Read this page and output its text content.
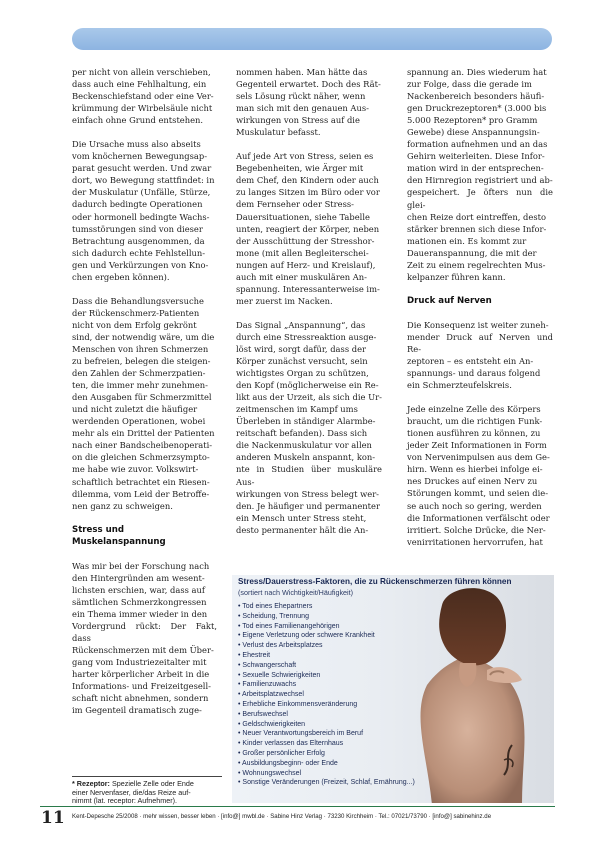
per nicht von allein verschieben,
dass auch eine Fehlhaltung, ein
Beckenschiefstand oder eine Ver-
krümmung der Wirbelsäule nicht
einfach ohne Grund entstehen.

Die Ursache muss also abseits
vom knöchernen Bewegungsap-
parat gesucht werden. Und zwar
dort, wo Bewegung stattfindet: in
der Muskulatur (Unfälle, Stürze,
dadurch bedingte Operationen
oder hormonell bedingte Wachs-
tumsstörungen sind von dieser
Betrachtung ausgenommen, da
sich dadurch echte Fehlstellun-
gen und Verkürzungen von Kno-
chen ergeben können).

Dass die Behandlungsversuche
der Rückenschmerz-Patienten
nicht von dem Erfolg gekrönt
sind, der notwendig wäre, um die
Menschen von ihren Schmerzen
zu befreien, belegen die steigen-
den Zahlen der Schmerzpatien-
ten, die immer mehr zunehmen-
den Ausgaben für Schmerzmittel
und nicht zuletzt die häufiger
werdenden Operationen, wobei
mehr als ein Drittel der Patienten
nach einer Bandscheibenoperati-
on die gleichen Schmerzsympto-
me habe wie zuvor. Volkswirt-
schaftlich betrachtet ein Riesen-
dilemma, vom Leid der Betroffe-
nen ganz zu schweigen.

Stress und
Muskelanspannung

Was mir bei der Forschung nach
den Hintergründen am wesent-
lichsten erschien, war, dass auf
sämtlichen Schmerzkongressen
ein Thema immer wieder in den
Vordergrund rückt: Der Fakt, dass
Rückenschmerzen mit dem Über-
gang vom Industriezeitalter mit
harter körperlicher Arbeit in die
Informations- und Freizeitgesell-
schaft nicht abnehmen, sondern
im Gegenteil dramatisch zuge-

nommen haben. Man hätte das
Gegenteil erwartet. Doch des Rät-
sels Lösung rückt näher, wenn
man sich mit den genauen Aus-
wirkungen von Stress auf die
Muskulatur befasst.

Auf jede Art von Stress, seien es
Begebenheiten, wie Ärger mit
dem Chef, den Kindern oder auch
zu langes Sitzen im Büro oder vor
dem Fernseher oder Stress-
Dauersituationen, siehe Tabelle
unten, reagiert der Körper, neben
der Ausschüttung der Stresshor-
mone (mit allen Begleiterschei-
nungen auf Herz- und Kreislauf),
auch mit einer muskulären An-
spannung. Interessanterweise im-
mer zuerst im Nacken.

Das Signal „Anspannung“, das
durch eine Stressreaktion ausge-
löst wird, sorgt dafür, dass der
Körper zunächst versucht, sein
wichtigstes Organ zu schützen,
den Kopf (möglicherweise ein Re-
likt aus der Urzeit, als sich die Ur-
zeitmenschen im Kampf ums
Überleben in ständiger Alarmbe-
reitschaft befanden). Dass sich
die Nackenmuskulatur vor allen
anderen Muskeln anspannt, kon-
nte in Studien über muskuläre Aus-
wirkungen von Stress belegt wer-
den. Je häufiger und permanenter
ein Mensch unter Stress steht,
desto permanenter hält die An-

spannung an. Dies wiederum hat
zur Folge, dass die gerade im
Nackenbereich besonders häufi-
gen Druckrezeptoren* (3.000 bis
5.000 Rezeptoren* pro Gramm
Gewebe) diese Anspannungsin-
formation aufnehmen und an das
Gehirn weiterleiten. Diese Infor-
mation wird in der entsprechen-
den Hirnregion registriert und ab-
gespeichert. Je öfters nun die glei-
chen Reize dort eintreffen, desto
stärker brennen sich diese Infor-
mationen ein. Es kommt zur
Daueranspannung, die mit der
Zeit zu einem regelrechten Mus-
kelpanzer führen kann.

Druck auf Nerven

Die Konsequenz ist weiter zuneh-
mender Druck auf Nerven und Re-
zeptoren – es entsteht ein An-
spannungs- und daraus folgend
ein Schmerzteufelskreis.

Jede einzelne Zelle des Körpers
braucht, um die richtigen Funk-
tionen ausführen zu können, zu
jeder Zeit Informationen in Form
von Nervenimpulsen aus dem Ge-
hirn. Wenn es hierbei infolge ei-
nes Druckes auf einen Nerv zu
Störungen kommt, und seien die-
se auch noch so gering, werden
die Informationen verfälscht oder
irritiert. Solche Drücke, die Ner-
venirritationen hervorrufen, hat

* Rezeptor: Spezielle Zelle oder Ende
einer Nervenfaser, die/das Reize auf-
nimmt (lat. receptor: Aufnehmer).
Stress/Dauerstress-Faktoren, die zu Rückenschmerzen führen können
(sortiert nach Wichtigkeit/Häufigkeit)
• Tod eines Ehepartners
• Scheidung, Trennung
• Tod eines Familienangehörigen
• Eigene Verletzung oder schwere Krankheit
• Verlust des Arbeitsplatzes
• Ehestreit
• Schwangerschaft
• Sexuelle Schwierigkeiten
• Familienzuwachs
• Arbeitsplatzwechsel
• Erhebliche Einkommensveränderung
• Berufswechsel
• Geldschwierigkeiten
• Neuer Verantwortungsbereich im Beruf
• Kinder verlassen das Elternhaus
• Großer persönlicher Erfolg
• Ausbildungsbeginn- oder Ende
• Wohnungswechsel
• Sonstige Veränderungen (Freizeit, Schlaf, Ernährung...)
11 Kent-Depesche 25/2008 · mehr wissen, besser leben · [info@] mwbl.de · Sabine Hinz Verlag · 73230 Kirchheim · Tel.: 07021/73790 · [info@] sabinehinz.de
